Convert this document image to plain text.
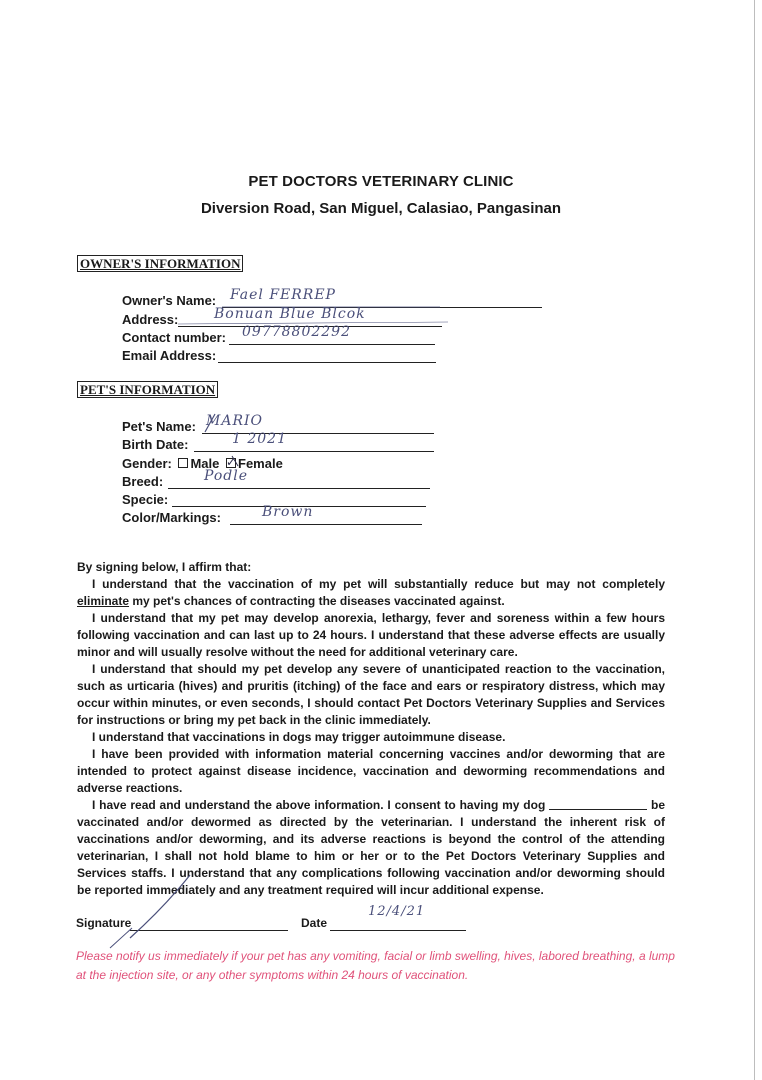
PET DOCTORS VETERINARY CLINIC
Diversion Road, San Miguel, Calasiao, Pangasinan
OWNER'S INFORMATION
Owner's Name: Fael FERREP
Address:	Bonuan Blue Blcok
Contact number: 09778802292
Email Address:
PET'S INFORMATION
Pet's Name: MARIO
Birth Date:	1 2021
Gender: Male ✓ Female
Breed:	Podle
Specie:
Color/Markings:	Brown

By signing below, I affirm that:

I understand that the vaccination of my pet will substantially reduce but may not completely eliminate my pet's chances of contracting the diseases vaccinated against.

I understand that my pet may develop anorexia, lethargy, fever and soreness within a few hours following vaccination and can last up to 24 hours. I understand that these adverse effects are usually minor and will usually resolve without the need for additional veterinary care.

I understand that should my pet develop any severe of unanticipated reaction to the vaccination, such as urticaria (hives) and pruritis (itching) of the face and ears or respiratory distress, which may occur within minutes, or even seconds, I should contact Pet Doctors Veterinary Supplies and Services for instructions or bring my pet back in the clinic immediately.

I understand that vaccinations in dogs may trigger autoimmune disease.

I have been provided with information material concerning vaccines and/or deworming that are intended to protect against disease incidence, vaccination and deworming recommendations and adverse reactions.

I have read and understand the above information. I consent to having my dog	be vaccinated and/or dewormed as directed by the veterinarian. I understand the inherent risk of vaccinations and/or deworming, and its adverse reactions is beyond the control of the attending veterinarian, I shall not hold blame to him or her or to the Pet Doctors Veterinary Supplies and Services staffs. I understand that any complications following vaccination and/or deworming should be reported immediately and any treatment required will incur additional expense.

Signature	Date
12/4/21
Please notify us immediately if your pet has any vomiting, facial or limb swelling, hives, labored breathing, a lump at the injection site, or any other symptoms within 24 hours of vaccination.
